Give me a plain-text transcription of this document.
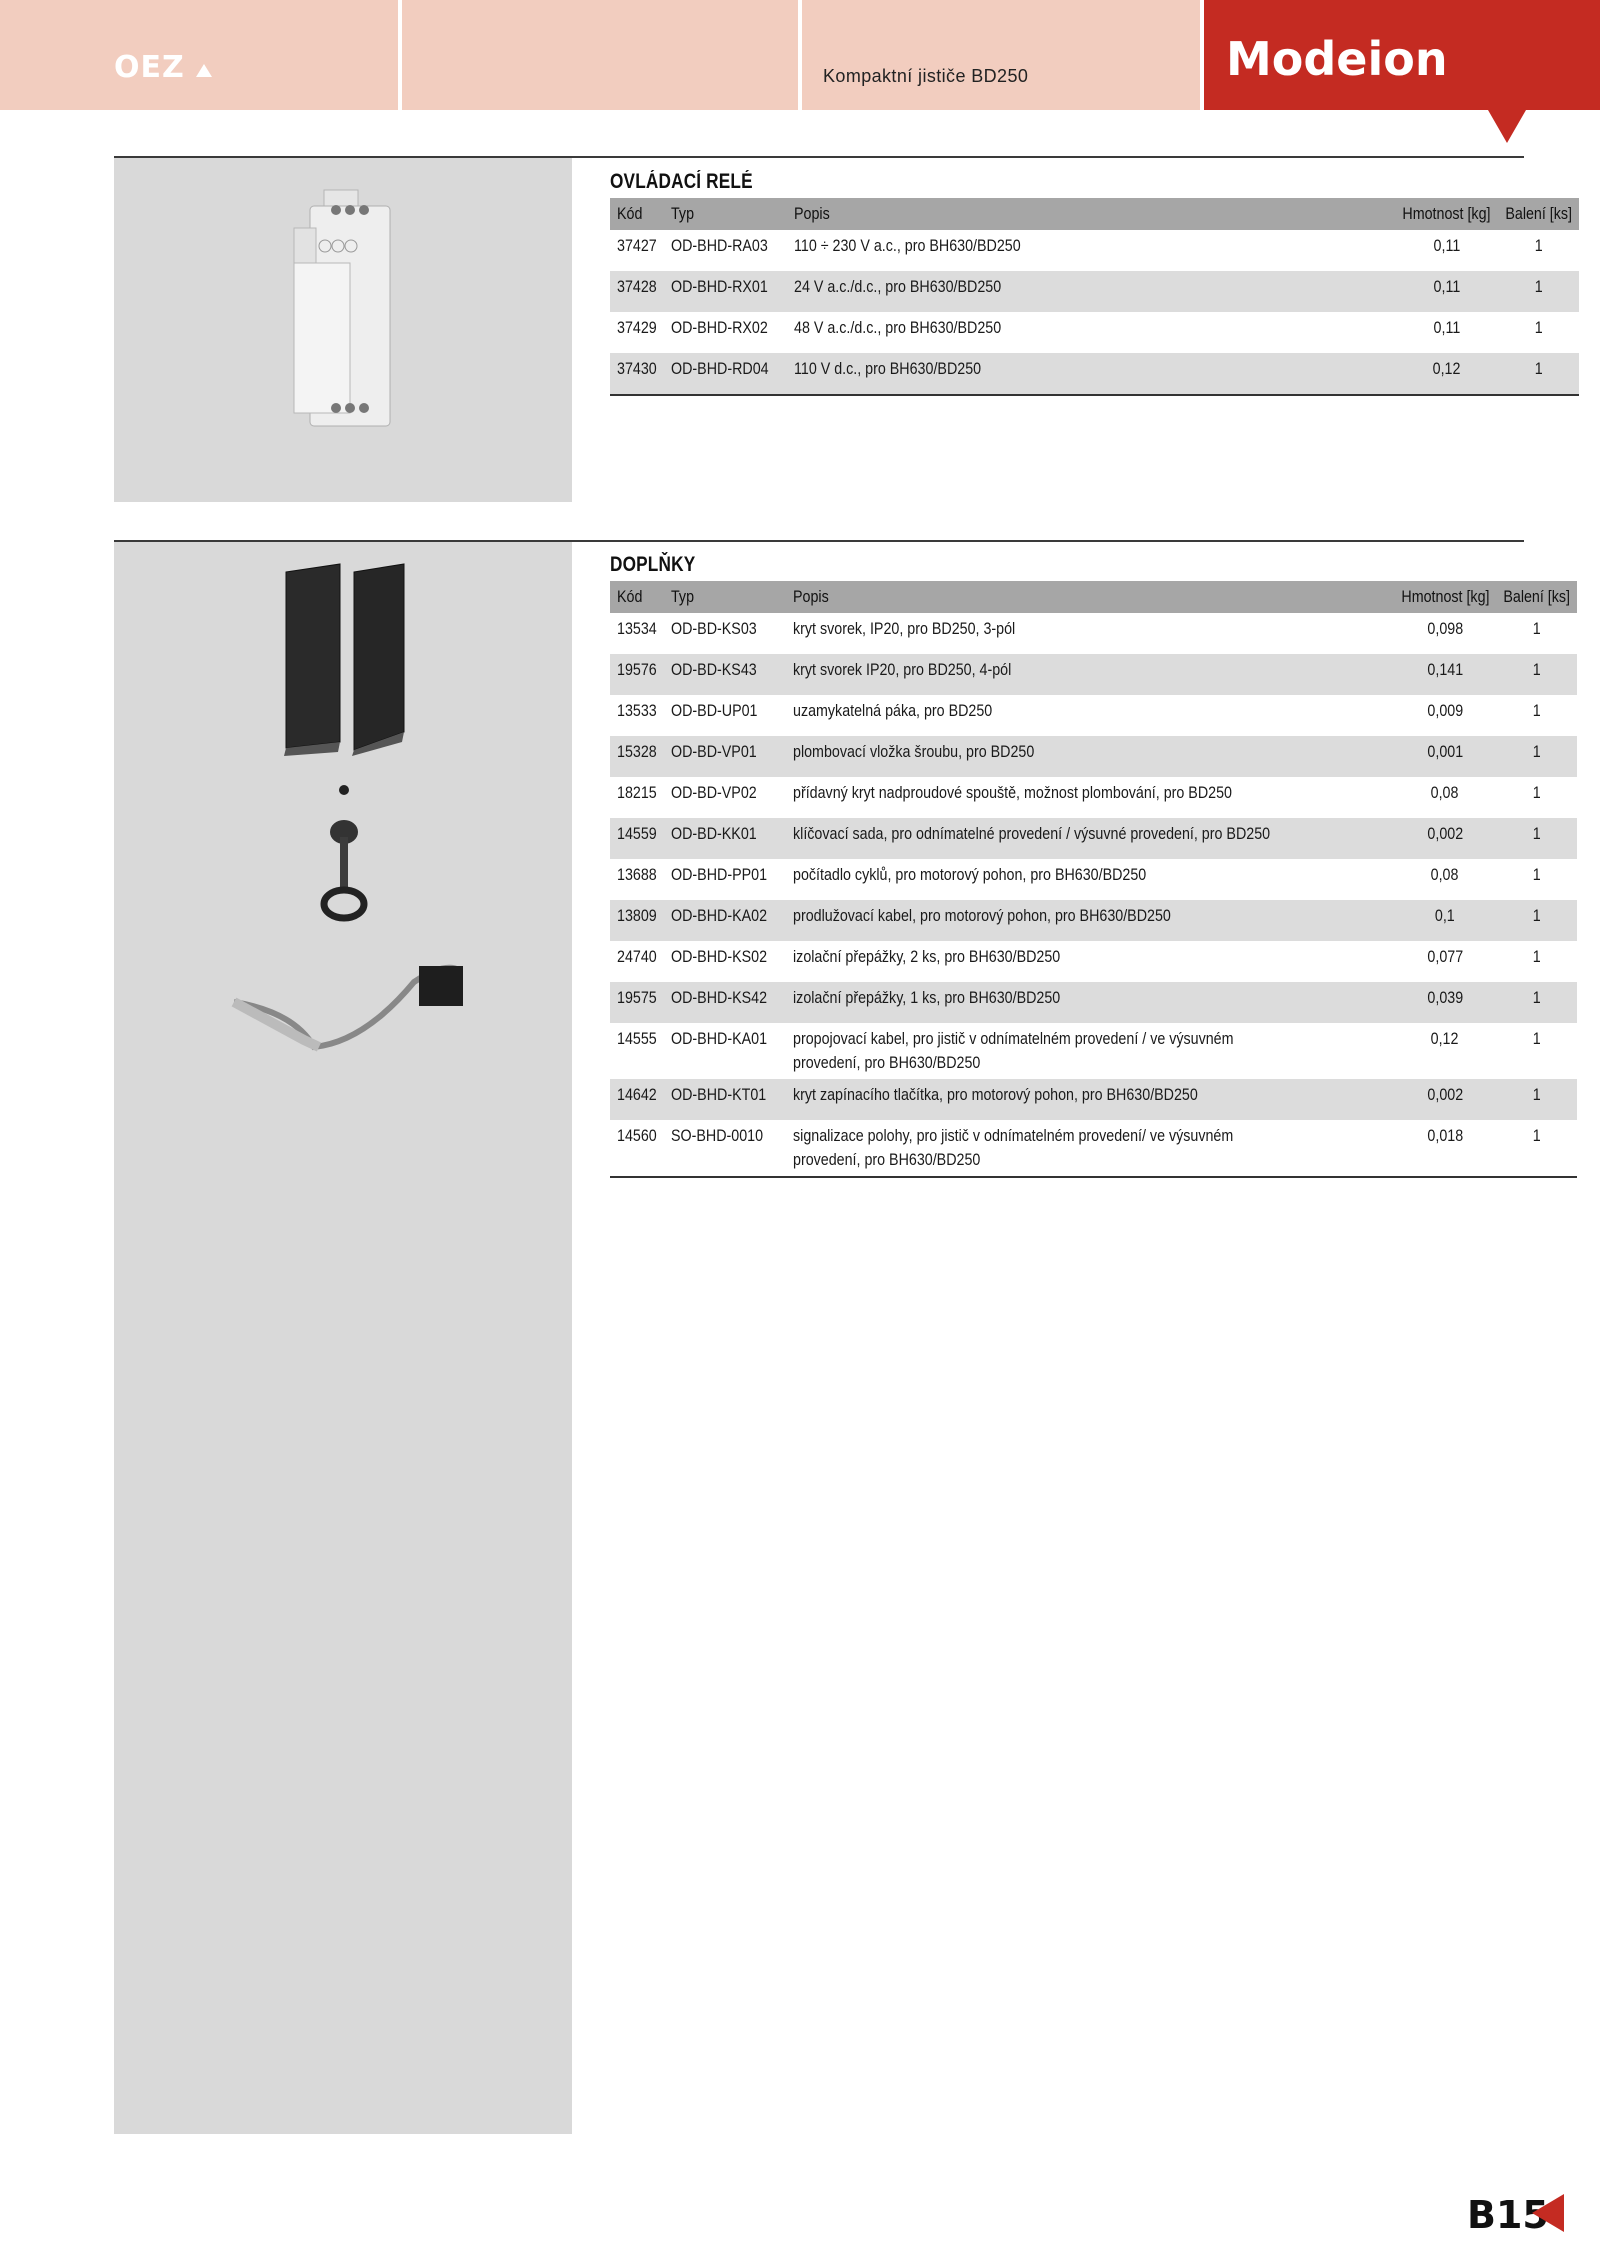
OEZ	Kompaktní jističe BD250	Modeion
OVLÁDACÍ RELÉ
Kód	Typ	Popis	Hmotnost [kg]	Balení [ks]
37427	OD-BHD-RA03	110 ÷ 230 V a.c., pro BH630/BD250	0,11	1
37428	OD-BHD-RX01	24 V a.c./d.c., pro BH630/BD250	0,11	1
37429	OD-BHD-RX02	48 V a.c./d.c., pro BH630/BD250	0,11	1
37430	OD-BHD-RD04	110 V d.c., pro BH630/BD250	0,12	1
DOPLŇKY
Kód	Typ	Popis	Hmotnost [kg]	Balení [ks]
13534	OD-BD-KS03	kryt svorek, IP20, pro BD250, 3-pól	0,098	1
19576	OD-BD-KS43	kryt svorek IP20, pro BD250, 4-pól	0,141	1
13533	OD-BD-UP01	uzamykatelná páka, pro BD250	0,009	1
15328	OD-BD-VP01	plombovací vložka šroubu, pro BD250	0,001	1
18215	OD-BD-VP02	přídavný kryt nadproudové spouště, možnost plombování, pro BD250	0,08	1
14559	OD-BD-KK01	klíčovací sada, pro odnímatelné provedení / výsuvné provedení, pro BD250	0,002	1
13688	OD-BHD-PP01	počítadlo cyklů, pro motorový pohon, pro BH630/BD250	0,08	1
13809	OD-BHD-KA02	prodlužovací kabel, pro motorový pohon, pro BH630/BD250	0,1	1
24740	OD-BHD-KS02	izolační přepážky, 2 ks, pro BH630/BD250	0,077	1
19575	OD-BHD-KS42	izolační přepážky, 1 ks, pro BH630/BD250	0,039	1
14555	OD-BHD-KA01	propojovací kabel, pro jistič v odnímatelném provedení / ve výsuvném provedení, pro BH630/BD250	0,12	1
14642	OD-BHD-KT01	kryt zapínacího tlačítka, pro motorový pohon, pro BH630/BD250	0,002	1
14560	SO-BHD-0010	signalizace polohy, pro jistič v odnímatelném provedení/ ve výsuvném provedení, pro BH630/BD250	0,018	1
B15
